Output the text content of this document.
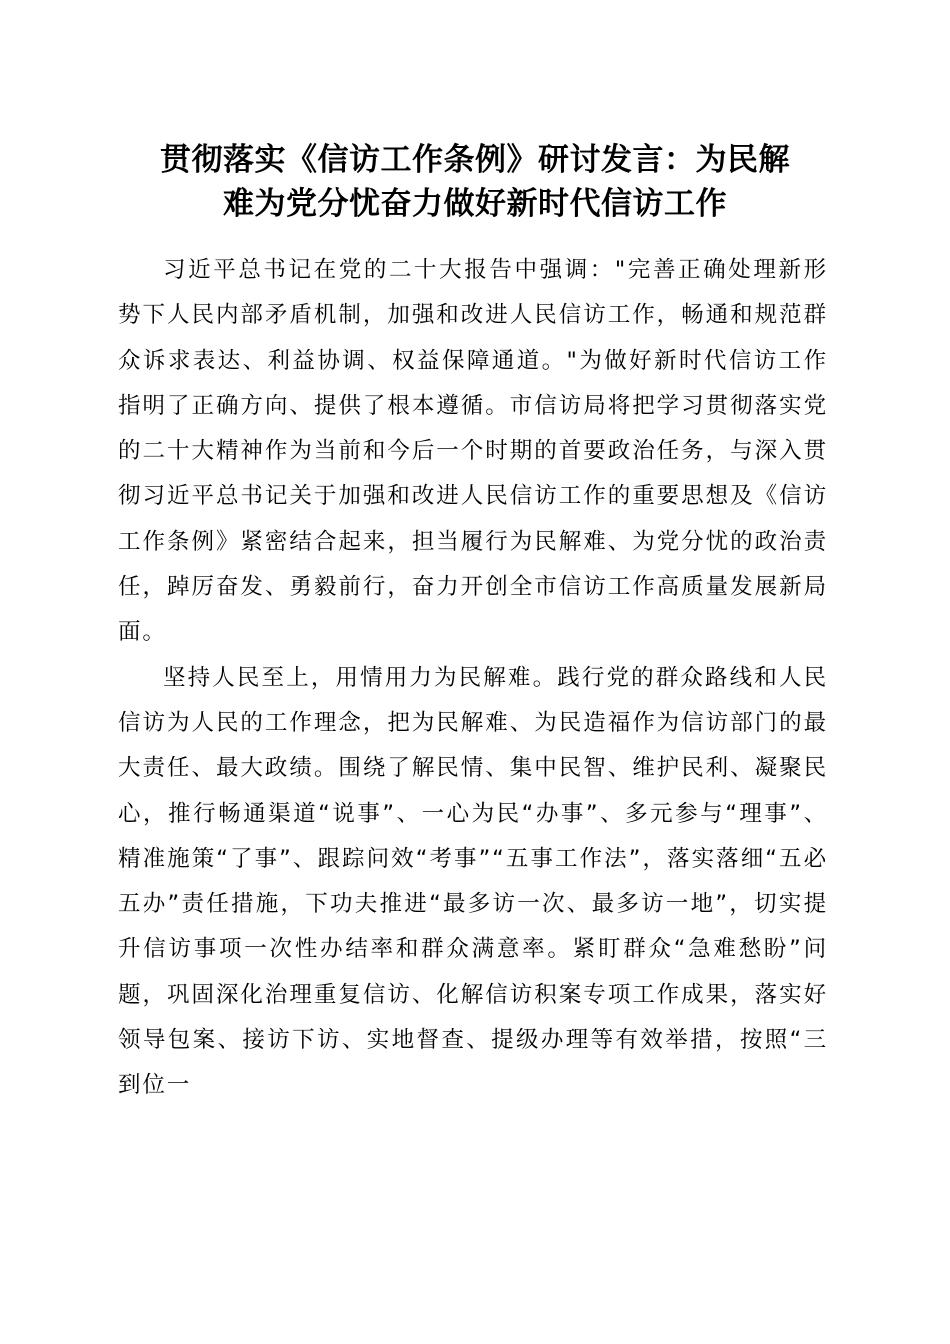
贯彻落实《信访工作条例》研讨发言：为民解
难为党分忧奋力做好新时代信访工作

习近平总书记在党的二十大报告中强调："完善正确处理新形势下人民内部矛盾机制，加强和改进人民信访工作，畅通和规范群众诉求表达、利益协调、权益保障通道。"为做好新时代信访工作指明了正确方向、提供了根本遵循。市信访局将把学习贯彻落实党的二十大精神作为当前和今后一个时期的首要政治任务，与深入贯彻习近平总书记关于加强和改进人民信访工作的重要思想及《信访工作条例》紧密结合起来，担当履行为民解难、为党分忧的政治责任，踔厉奋发、勇毅前行，奋力开创全市信访工作高质量发展新局面。

坚持人民至上，用情用力为民解难。践行党的群众路线和人民信访为人民的工作理念，把为民解难、为民造福作为信访部门的最大责任、最大政绩。围绕了解民情、集中民智、维护民利、凝聚民心，推行畅通渠道“说事”、一心为民“办事”、多元参与“理事”、精准施策“了事”、跟踪问效“考事”“五事工作法”，落实落细“五必五办”责任措施，下功夫推进“最多访一次、最多访一地”，切实提升信访事项一次性办结率和群众满意率。紧盯群众“急难愁盼”问题，巩固深化治理重复信访、化解信访积案专项工作成果，落实好领导包案、接访下访、实地督查、提级办理等有效举措，按照“三到位一
